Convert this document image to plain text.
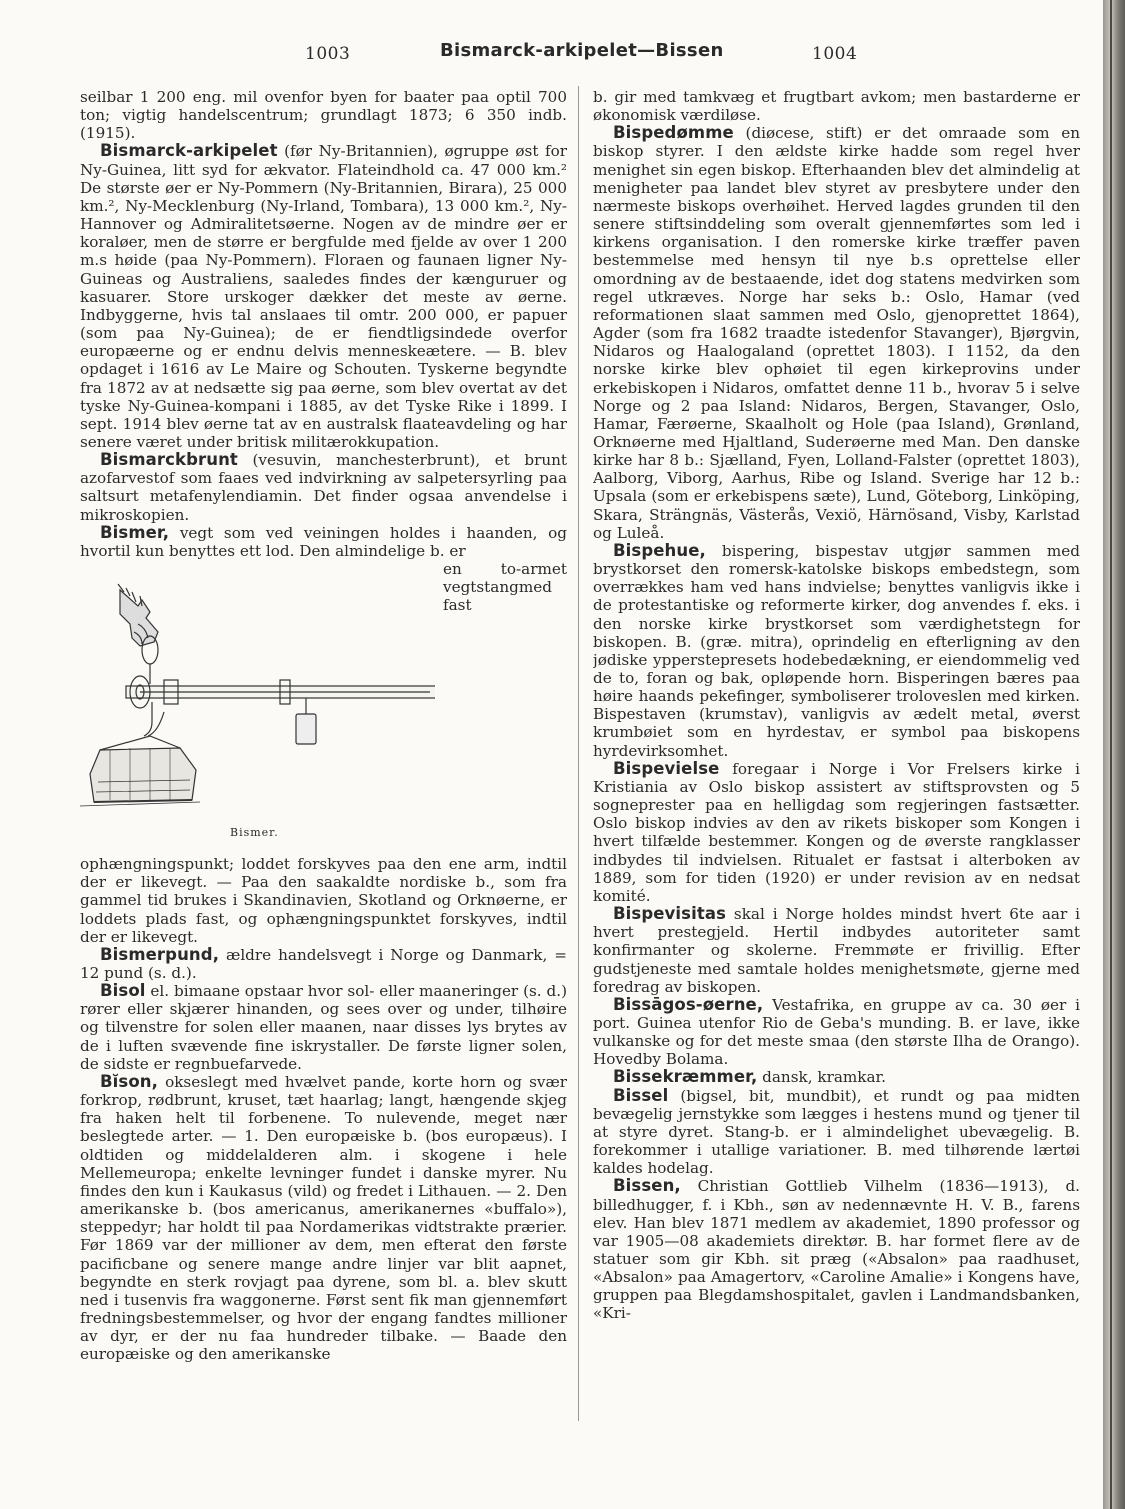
1003	Bismarck-arkipelet—Bissen	1004

seilbar 1 200 eng. mil ovenfor byen for baater paa optil 700 ton; vigtig handelscentrum; grundlagt 1873; 6 350 indb. (1915).

Bismarck-arkipelet (før Ny-Britannien), øgruppe øst for Ny-Guinea, litt syd for ækvator. Flateindhold ca. 47 000 km.² De største øer er Ny-Pommern (Ny-Britannien, Birara), 25 000 km.², Ny-Mecklenburg (Ny-Irland, Tombara), 13 000 km.², Ny-Hannover og Admiralitetsøerne. Nogen av de mindre øer er koraløer, men de større er bergfulde med fjelde av over 1 200 m.s høide (paa Ny-Pommern). Floraen og faunaen ligner Ny-Guineas og Australiens, saaledes findes der kænguruer og kasuarer. Store urskoger dækker det meste av øerne. Indbyggerne, hvis tal anslaaes til omtr. 200 000, er papuer (som paa Ny-Guinea); de er fiendtligsindede overfor europæerne og er endnu delvis menneskeætere. — B. blev opdaget i 1616 av Le Maire og Schouten. Tyskerne begyndte fra 1872 av at nedsætte sig paa øerne, som blev overtat av det tyske Ny-Guinea-kompani i 1885, av det Tyske Rike i 1899. I sept. 1914 blev øerne tat av en australsk flaateavdeling og har senere været under britisk militærokkupation.

Bismarckbrunt (vesuvin, manchesterbrunt), et brunt azofarvestof som faaes ved indvirkning av salpetersyrling paa saltsurt metafenylendiamin. Det finder ogsaa anvendelse i mikroskopien.

Bismer, vegt som ved veiningen holdes i haanden, og hvortil kun benyttes ett lod. Den almindelige b. er

Bismer.

en to-armet vegtstangmed fast ophængningspunkt; loddet forskyves paa den ene arm, indtil der er likevegt. — Paa den saakaldte nordiske b., som fra gammel tid brukes i Skandinavien, Skotland og Orknøerne, er loddets plads fast, og ophængningspunktet forskyves, indtil der er likevegt.

Bismerpund, ældre handelsvegt i Norge og Danmark, = 12 pund (s. d.).

Bisol el. bimaane opstaar hvor sol- eller maaneringer (s. d.) rører eller skjærer hinanden, og sees over og under, tilhøire og tilvenstre for solen eller maanen, naar disses lys brytes av de i luften svævende fine iskrystaller. De første ligner solen, de sidste er regnbuefarvede.

Bĭson, okseslegt med hvælvet pande, korte horn og svær forkrop, rødbrunt, kruset, tæt haarlag; langt, hængende skjeg fra haken helt til forbenene. To nulevende, meget nær beslegtede arter. — 1. Den europæiske b. (bos europæus). I oldtiden og middelalderen alm. i skogene i hele Mellemeuropa; enkelte levninger fundet i danske myrer. Nu findes den kun i Kaukasus (vild) og fredet i Lithauen. — 2. Den amerikanske b. (bos americanus, amerikanernes «buffalo»), steppedyr; har holdt til paa Nordamerikas vidtstrakte prærier. Før 1869 var der millioner av dem, men efterat den første pacificbane og senere mange andre linjer var blit aapnet, begyndte en sterk rovjagt paa dyrene, som bl. a. blev skutt ned i tusenvis fra waggonerne. Først sent fik man gjennemført fredningsbestemmelser, og hvor der engang fandtes millioner av dyr, er der nu faa hundreder tilbake. — Baade den europæiske og den amerikanske

b. gir med tamkvæg et frugtbart avkom; men bastarderne er økonomisk værdiløse.

Bispedømme (diøcese, stift) er det omraade som en biskop styrer. I den ældste kirke hadde som regel hver menighet sin egen biskop. Efterhaanden blev det almindelig at menigheter paa landet blev styret av presbytere under den nærmeste biskops overhøihet. Herved lagdes grunden til den senere stiftsinddeling som overalt gjennemførtes som led i kirkens organisation. I den romerske kirke træffer paven bestemmelse med hensyn til nye b.s oprettelse eller omordning av de bestaaende, idet dog statens medvirken som regel utkræves. Norge har seks b.: Oslo, Hamar (ved reformationen slaat sammen med Oslo, gjenoprettet 1864), Agder (som fra 1682 traadte istedenfor Stavanger), Bjørgvin, Nidaros og Haalogaland (oprettet 1803). I 1152, da den norske kirke blev ophøiet til egen kirkeprovins under erkebiskopen i Nidaros, omfattet denne 11 b., hvorav 5 i selve Norge og 2 paa Island: Nidaros, Bergen, Stavanger, Oslo, Hamar, Færøerne, Skaalholt og Hole (paa Island), Grønland, Orknøerne med Hjaltland, Suderøerne med Man. Den danske kirke har 8 b.: Sjælland, Fyen, Lolland-Falster (oprettet 1803), Aalborg, Viborg, Aarhus, Ribe og Island. Sverige har 12 b.: Upsala (som er erkebispens sæte), Lund, Göteborg, Linköping, Skara, Strängnäs, Västerås, Vexiö, Härnösand, Visby, Karlstad og Luleå.

Bispehue, bispering, bispestav utgjør sammen med brystkorset den romersk-katolske biskops embedstegn, som overrækkes ham ved hans indvielse; benyttes vanligvis ikke i de protestantiske og reformerte kirker, dog anvendes f. eks. i den norske kirke brystkorset som værdighetstegn for biskopen. B. (græ. mitra), oprindelig en efterligning av den jødiske ypperstepresets hodebedækning, er eiendommelig ved de to, foran og bak, opløpende horn. Bisperingen bæres paa høire haands pekefinger, symboliserer troloveslen med kirken. Bispestaven (krumstav), vanligvis av ædelt metal, øverst krumbøiet som en hyrdestav, er symbol paa biskopens hyrdevirksomhet.

Bispevielse foregaar i Norge i Vor Frelsers kirke i Kristiania av Oslo biskop assistert av stiftsprovsten og 5 sogneprester paa en helligdag som regjeringen fastsætter. Oslo biskop indvies av den av rikets biskoper som Kongen i hvert tilfælde bestemmer. Kongen og de øverste rangklasser indbydes til indvielsen. Ritualet er fastsat i alterboken av 1889, som for tiden (1920) er under revision av en nedsat komité.

Bispevisitas skal i Norge holdes mindst hvert 6te aar i hvert prestegjeld. Hertil indbydes autoriteter samt konfirmanter og skolerne. Fremmøte er frivillig. Efter gudstjeneste med samtale holdes menighetsmøte, gjerne med foredrag av biskopen.

Bissāgos-øerne, Vestafrika, en gruppe av ca. 30 øer i port. Guinea utenfor Rio de Geba's munding. B. er lave, ikke vulkanske og for det meste smaa (den største Ilha de Orango). Hovedby Bolama.

Bissekræmmer, dansk, kramkar.

Bissel (bigsel, bit, mundbit), et rundt og paa midten bevægelig jernstykke som lægges i hestens mund og tjener til at styre dyret. Stang-b. er i almindelighet ubevægelig. B. forekommer i utallige variationer. B. med tilhørende lærtøi kaldes hodelag.

Bissen, Christian Gottlieb Vilhelm (1836—1913), d. billedhugger, f. i Kbh., søn av nedennævnte H. V. B., farens elev. Han blev 1871 medlem av akademiet, 1890 professor og var 1905—08 akademiets direktør. B. har formet flere av de statuer som gir Kbh. sit præg («Absalon» paa raadhuset, «Absalon» paa Amagertorv, «Caroline Amalie» i Kongens have, gruppen paa Blegdamshospitalet, gavlen i Landmandsbanken, «Kri-
